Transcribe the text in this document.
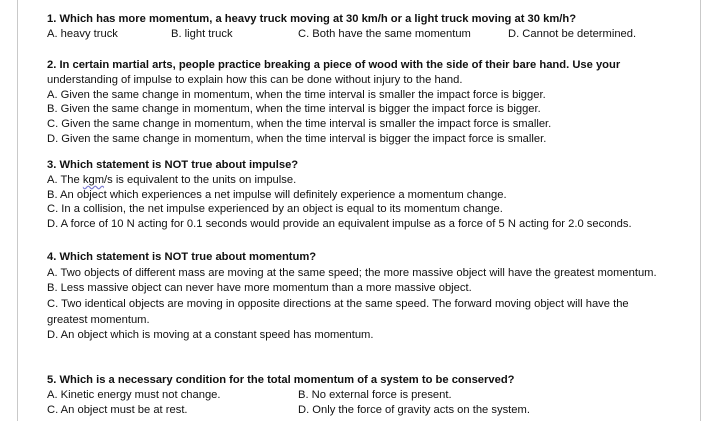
1. Which has more momentum, a heavy truck moving at 30 km/h or a light truck moving at 30 km/h?
A. heavy truck	B. light truck	C. Both have the same momentum	D. Cannot be determined.
2. In certain martial arts, people practice breaking a piece of wood with the side of their bare hand. Use your
understanding of impulse to explain how this can be done without injury to the hand.
A. Given the same change in momentum, when the time interval is smaller the impact force is bigger.
B. Given the same change in momentum, when the time interval is bigger the impact force is bigger.
C. Given the same change in momentum, when the time interval is smaller the impact force is smaller.
D. Given the same change in momentum, when the time interval is bigger the impact force is smaller.
3. Which statement is NOT true about impulse?
A. The kgm/s is equivalent to the units on impulse.
B. An object which experiences a net impulse will definitely experience a momentum change.
C. In a collision, the net impulse experienced by an object is equal to its momentum change.
D. A force of 10 N acting for 0.1 seconds would provide an equivalent impulse as a force of 5 N acting for 2.0 seconds.
4. Which statement is NOT true about momentum?
A. Two objects of different mass are moving at the same speed; the more massive object will have the greatest momentum.
B. Less massive object can never have more momentum than a more massive object.
C. Two identical objects are moving in opposite directions at the same speed. The forward moving object will have the greatest momentum.
D. An object which is moving at a constant speed has momentum.
5. Which is a necessary condition for the total momentum of a system to be conserved?
A. Kinetic energy must not change.	B. No external force is present.
C. An object must be at rest.	D. Only the force of gravity acts on the system.
